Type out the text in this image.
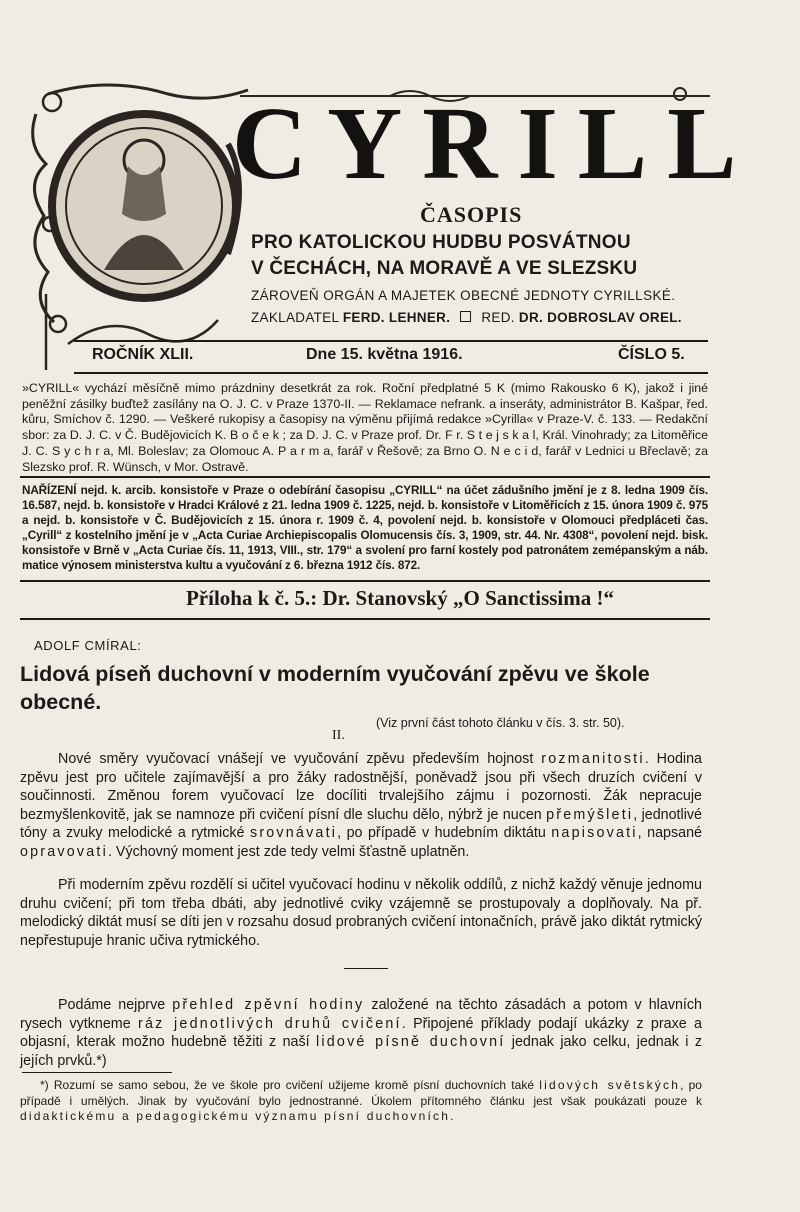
CYRILL
ČASOPIS
PRO KATOLICKOU HUDBU POSVÁTNOU
V ČECHÁCH, NA MORAVĚ A VE SLEZSKU
ZÁROVEŇ ORGÁN A MAJETEK OBECNÉ JEDNOTY CYRILLSKÉ.
ZAKLADATEL FERD. LEHNER. RED. DR. DOBROSLAV OREL.
ROČNÍK XLII.	Dne 15. května 1916.	ČÍSLO 5.
»CYRILL« vychází měsíčně mimo prázdniny desetkrát za rok. Roční předplatné 5 K (mimo Rakousko 6 K), jakož i jiné peněžní zásilky buďtež zasílány na O. J. C. v Praze 1370-II. — Reklamace nefrank. a inseráty, administrátor B. Kašpar, řed. kůru, Smíchov č. 1290. — Veškeré rukopisy a časopisy na výměnu přijímá redakce »Cyrilla« v Praze-V. č. 133. — Redakční sbor: za D. J. C. v Č. Budějovicích K. B o č e k ; za D. J. C. v Praze prof. Dr. F r. S t e j s k a l, Král. Vinohrady; za Litoměřice J. C. S y c h r a, Ml. Boleslav; za Olomouc A. P a r m a, farář v Řešově; za Brno O. N e c i d, farář v Lednici u Břeclavě; za Slezsko prof. R. Wünsch, v Mor. Ostravě.
NAŘÍZENÍ nejd. k. arcib. konsistoře v Praze o odebírání časopisu „CYRILL“ na účet zádušního jmění je z 8. ledna 1909 čís. 16.587, nejd. b. konsistoře v Hradci Králové z 21. ledna 1909 č. 1225, nejd. b. konsistoře v Litoměřicích z 15. února 1909 č. 975 a nejd. b. konsistoře v Č. Budějovicích z 15. února r. 1909 č. 4, povolení nejd. b. konsistoře v Olomouci předpláceti čas. „Cyrill“ z kostelního jmění je v „Acta Curiae Archiepiscopalis Olomucensis čís. 3, 1909, str. 44. Nr. 4308“, povolení nejd. bisk. konsistoře v Brně v „Acta Curiae čís. 11, 1913, VIII., str. 179“ a svolení pro farní kostely pod patronátem zemépanským a náb. matice výnosem ministerstva kultu a vyučování z 6. března 1912 čís. 872.
Příloha k č. 5.: Dr. Stanovský „O Sanctissima !“
ADOLF CMÍRAL:
Lidová píseň duchovní v moderním vyučování zpěvu ve škole obecné.
(Viz první část tohoto článku v čís. 3. str. 50).
II.
Nové směry vyučovací vnášejí ve vyučování zpěvu především hojnost rozmanitosti. Hodina zpěvu jest pro učitele zajímavější a pro žáky radostnější, poněvadž jsou při všech druzích cvičení v součinnosti. Změnou forem vyučovací lze docíliti trvalejšího zájmu i pozornosti. Žák nepracuje bezmyšlenkovitě, jak se namnoze při cvičení písní dle sluchu dělo, nýbrž je nucen přemýšleti, jednotlivé tóny a zvuky melodické a rytmické srovnávati, po případě v hudebním diktátu napisovati, napsané opravovati. Výchovný moment jest zde tedy velmi šťastně uplatněn.
Při moderním zpěvu rozdělí si učitel vyučovací hodinu v několik oddílů, z nichž každý věnuje jednomu druhu cvičení; při tom třeba dbáti, aby jednotlivé cviky vzájemně se prostupovaly a doplňovaly. Na př. melodický diktát musí se díti jen v rozsahu dosud probraných cvičení intonačních, právě jako diktát rytmický nepřestupuje hranic učiva rytmického.
Podáme nejprve přehled zpěvní hodiny založené na těchto zásadách a potom v hlavních rysech vytkneme ráz jednotlivých druhů cvičení. Připojené příklady podají ukázky z praxe a objasní, kterak možno hudebně těžiti z naší lidové písně duchovní jednak jako celku, jednak i z jejích prvků.*)
*) Rozumí se samo sebou, že ve škole pro cvičení užijeme kromě písní duchovních také lidových světských, po případě i umělých. Jinak by vyučování bylo jednostranné. Úkolem přítomného článku jest však poukázati pouze k didaktickému a pedagogickému významu písní duchovních.
